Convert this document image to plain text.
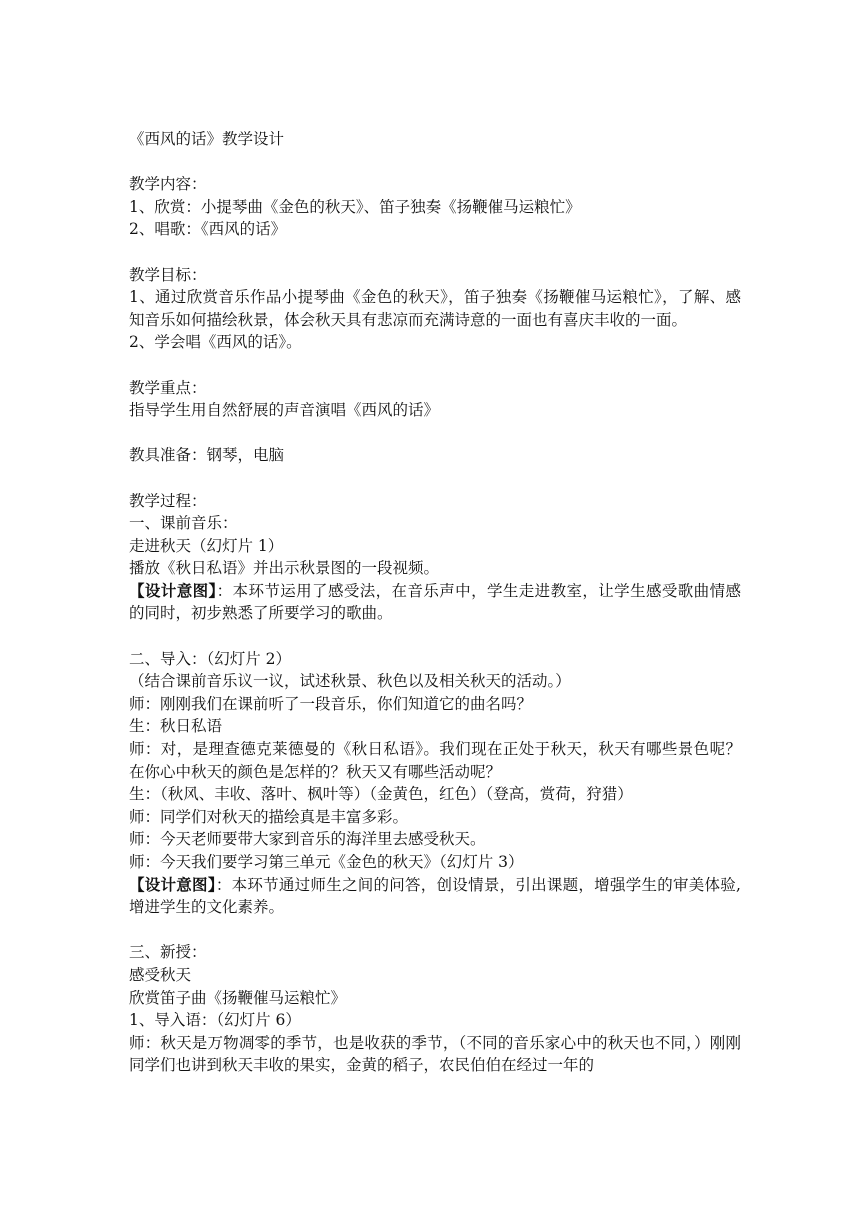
《西风的话》教学设计
教学内容：
1、欣赏：小提琴曲《金色的秋天》、笛子独奏《扬鞭催马运粮忙》
2、唱歌：《西风的话》
教学目标：
1、通过欣赏音乐作品小提琴曲《金色的秋天》，笛子独奏《扬鞭催马运粮忙》，了解、感知音乐如何描绘秋景，体会秋天具有悲凉而充满诗意的一面也有喜庆丰收的一面。
2、学会唱《西风的话》。
教学重点：
指导学生用自然舒展的声音演唱《西风的话》
教具准备：钢琴，电脑
教学过程：
一、课前音乐：
走进秋天（幻灯片 1）
播放《秋日私语》并出示秋景图的一段视频。
【设计意图】：本环节运用了感受法，在音乐声中，学生走进教室，让学生感受歌曲情感的同时，初步熟悉了所要学习的歌曲。
二、导入：（幻灯片 2）
（结合课前音乐议一议，试述秋景、秋色以及相关秋天的活动。）
师：刚刚我们在课前听了一段音乐，你们知道它的曲名吗？
生：秋日私语
师：对，是理查德克莱德曼的《秋日私语》。我们现在正处于秋天，秋天有哪些景色呢？在你心中秋天的颜色是怎样的？秋天又有哪些活动呢？
生：（秋风、丰收、落叶、枫叶等）（金黄色，红色）（登高，赏荷，狩猎）
师：同学们对秋天的描绘真是丰富多彩。
师：今天老师要带大家到音乐的海洋里去感受秋天。
师：今天我们要学习第三单元《金色的秋天》（幻灯片 3）
【设计意图】：本环节通过师生之间的问答，创设情景，引出课题，增强学生的审美体验,增进学生的文化素养。
三、新授：
感受秋天
欣赏笛子曲《扬鞭催马运粮忙》
1、导入语：（幻灯片 6）
师：秋天是万物凋零的季节，也是收获的季节，（不同的音乐家心中的秋天也不同，）刚刚同学们也讲到秋天丰收的果实，金黄的稻子，农民伯伯在经过一年的
